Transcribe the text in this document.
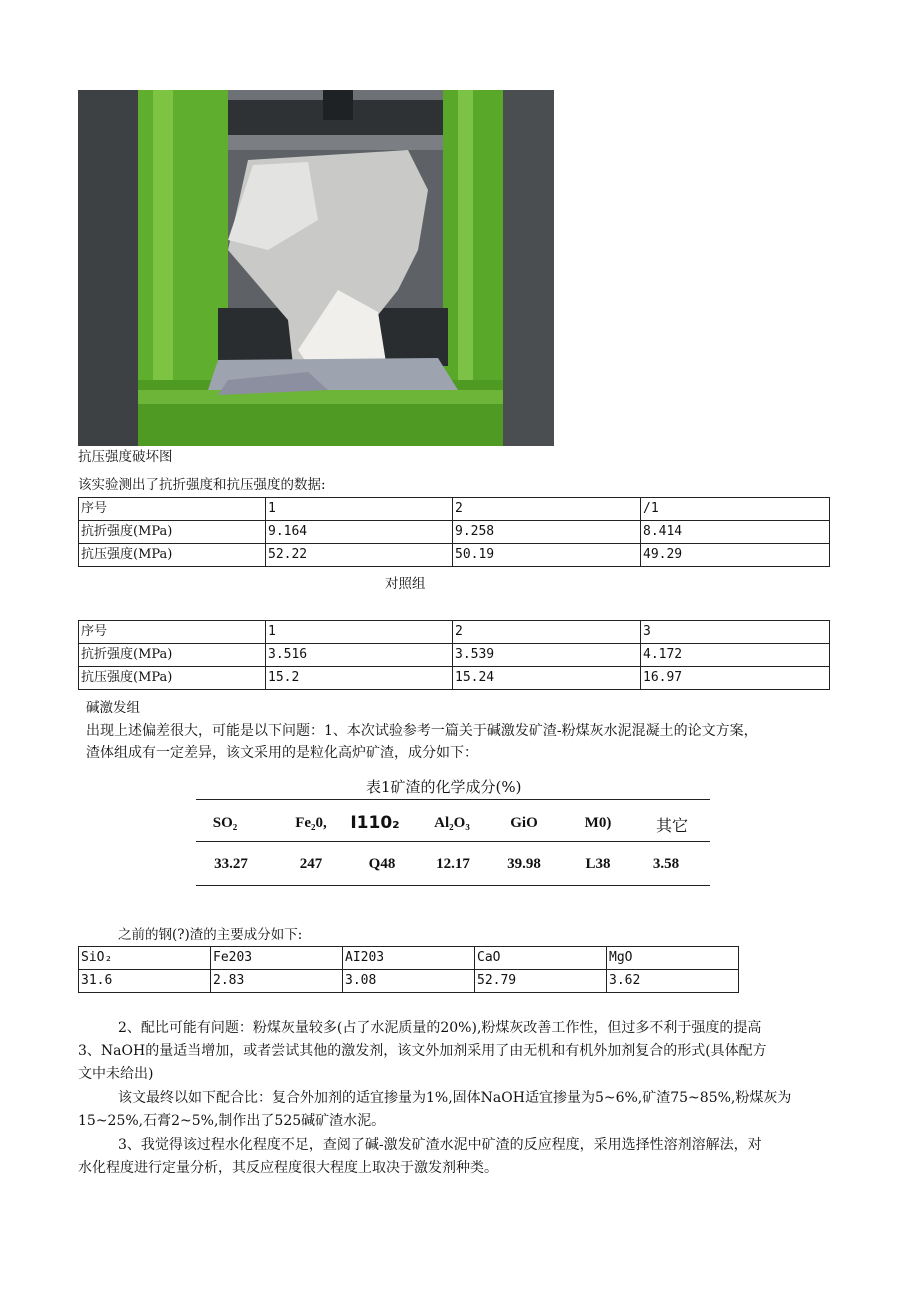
抗压强度破坏图
该实验测出了抗折强度和抗压强度的数据:
序号	1	2	/1
抗折强度(MPa)	9.164	9.258	8.414
抗压强度(MPa)	52.22	50.19	49.29
对照组
序号	1	2	3
抗折强度(MPa)	3.516	3.539	4.172
抗压强度(MPa)	15.2	15.24	16.97
碱激发组
出现上述偏差很大，可能是以下问题：1、本次试验参考一篇关于碱激发矿渣-粉煤灰水泥混凝土的论文方案，
渣体组成有一定差异，该文采用的是粒化高炉矿渣，成分如下：
表1矿渣的化学成分(%)
SO₂	Fe₂0,	I110₂	Al₂O₃	GiO	M0)	其它
33.27	247	Q48	12.17	39.98	L38	3.58
之前的钢(?)渣的主要成分如下:
SiO₂	Fe203	AI203	CaO	MgO
31.6	2.83	3.08	52.79	3.62
2、配比可能有问题：粉煤灰量较多(占了水泥质量的20%),粉煤灰改善工作性，但过多不利于强度的提高
3、NaOH的量适当增加，或者尝试其他的激发剂，该文外加剂采用了由无机和有机外加剂复合的形式(具体配方
文中未给出)
该文最终以如下配合比：复合外加剂的适宜掺量为1%,固体NaOH适宜掺量为5~6%,矿渣75~85%,粉煤灰为
15~25%,石膏2~5%,制作出了525碱矿渣水泥。
3、我觉得该过程水化程度不足，查阅了碱-激发矿渣水泥中矿渣的反应程度，采用选择性溶剂溶解法，对
水化程度进行定量分析，其反应程度很大程度上取决于激发剂种类。
